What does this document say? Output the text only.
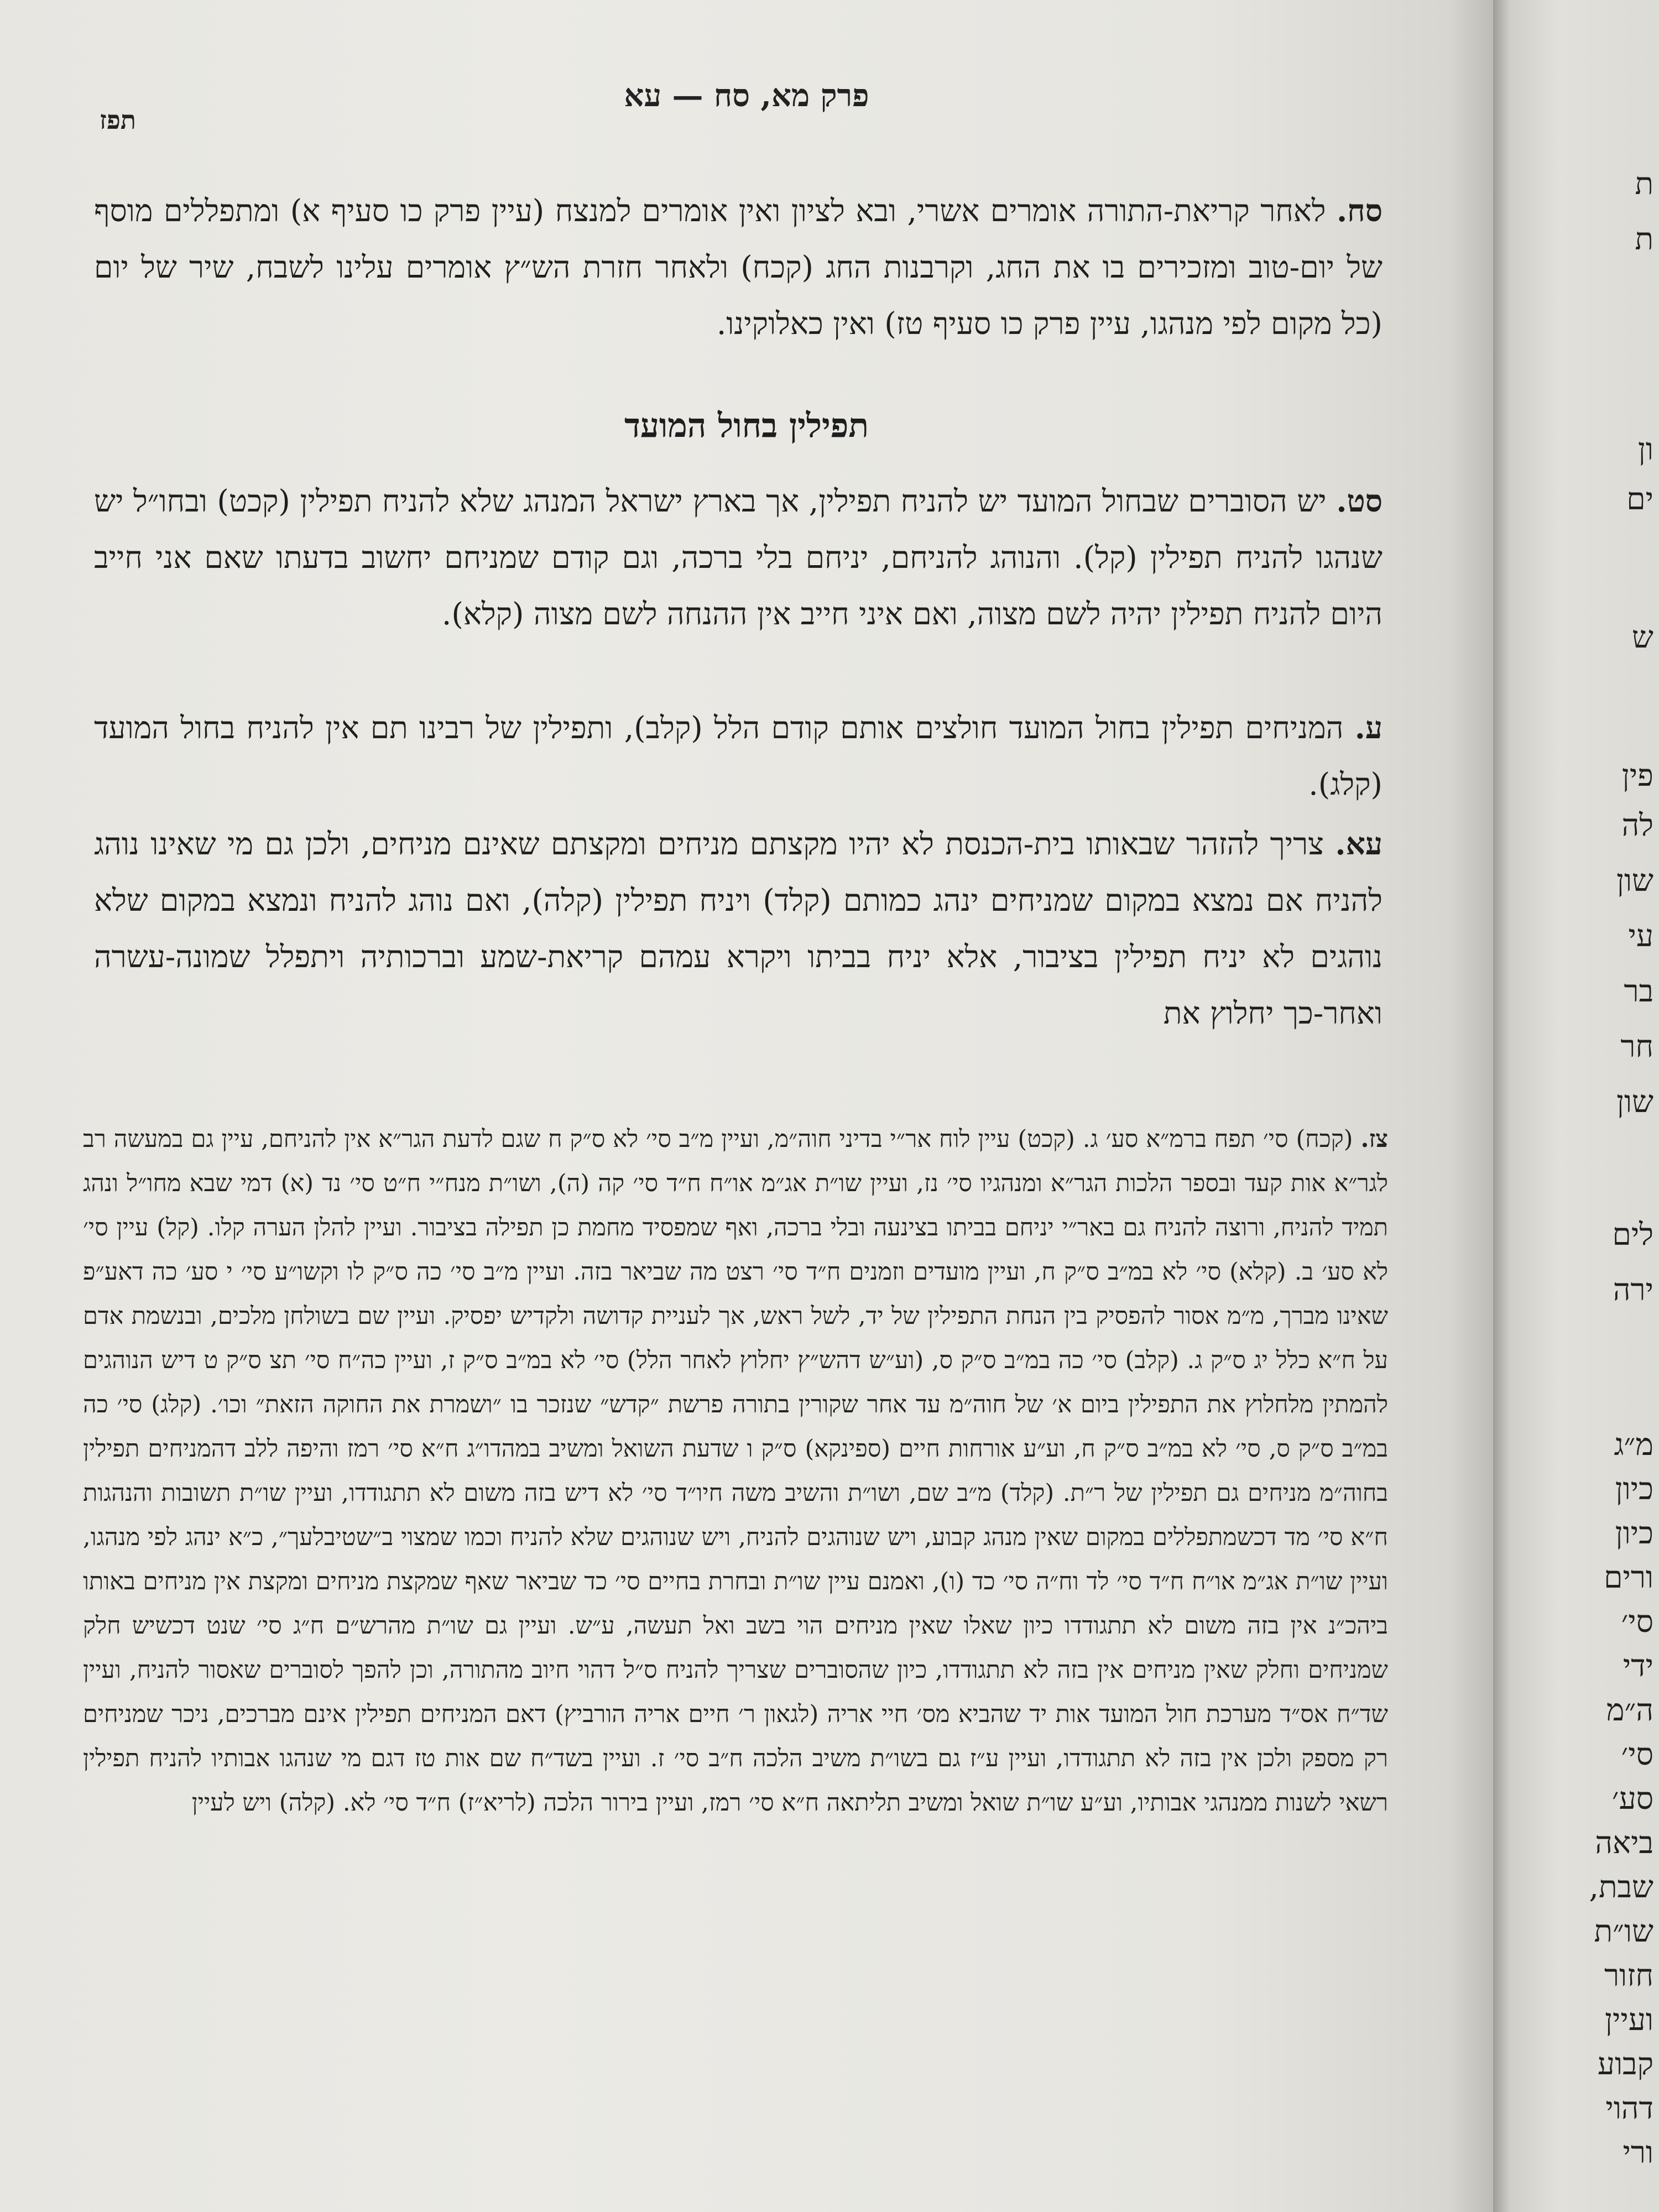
תפז
פרק מא, סח — עא
סח. לאחר קריאת-התורה אומרים אשרי, ובא לציון ואין אומרים למנצח (עיין פרק כו סעיף א) ומתפללים מוסף של יום-טוב ומזכירים בו את החג, וקרבנות החג (קכח) ולאחר חזרת הש״ץ אומרים עלינו לשבח, שיר של יום (כל מקום לפי מנהגו, עיין פרק כו סעיף טז) ואין כאלוקינו.
תפילין בחול המועד
סט. יש הסוברים שבחול המועד יש להניח תפילין, אך בארץ ישראל המנהג שלא להניח תפילין (קכט) ובחו״ל יש שנהגו להניח תפילין (קל). והנוהג להניחם, יניחם בלי ברכה, וגם קודם שמניחם יחשוב בדעתו שאם אני חייב היום להניח תפילין יהיה לשם מצוה, ואם איני חייב אין ההנחה לשם מצוה (קלא).
ע. המניחים תפילין בחול המועד חולצים אותם קודם הלל (קלב), ותפילין של רבינו תם אין להניח בחול המועד (קלג).
עא. צריך להזהר שבאותו בית-הכנסת לא יהיו מקצתם מניחים ומקצתם שאינם מניחים, ולכן גם מי שאינו נוהג להניח אם נמצא במקום שמניחים ינהג כמותם (קלד) ויניח תפילין (קלה), ואם נוהג להניח ונמצא במקום שלא נוהגים לא יניח תפילין בציבור, אלא יניח בביתו ויקרא עמהם קריאת-שמע וברכותיה ויתפלל שמונה-עשרה ואחר-כך יחלוץ את
צז. (קכח) סי׳ תפח ברמ״א סע׳ ג. (קכט) עיין לוח אר״י בדיני חוה״מ, ועיין מ״ב סי׳ לא ס״ק ח שגם לדעת הגר״א אין להניחם, עיין גם במעשה רב לגר״א אות קעד ובספר הלכות הגר״א ומנהגיו סי׳ נז, ועיין שו״ת אג״מ או״ח ח״ד סי׳ קה (ה), ושו״ת מנח״י ח״ט סי׳ נד (א) דמי שבא מחו״ל ונהג תמיד להניח, ורוצה להניח גם באר״י יניחם בביתו בצינעה ובלי ברכה, ואף שמפסיד מחמת כן תפילה בציבור. ועיין להלן הערה קלו. (קל) עיין סי׳ לא סע׳ ב. (קלא) סי׳ לא במ״ב ס״ק ח, ועיין מועדים וזמנים ח״ד סי׳ רצט מה שביאר בזה. ועיין מ״ב סי׳ כה ס״ק לו וקשו״ע סי׳ י סע׳ כה דאע״פ שאינו מברך, מ״מ אסור להפסיק בין הנחת התפילין של יד, לשל ראש, אך לעניית קדושה ולקדיש יפסיק. ועיין שם בשולחן מלכים, ובנשמת אדם על ח״א כלל יג ס״ק ג. (קלב) סי׳ כה במ״ב ס״ק ס, (וע״ש דהש״ץ יחלוץ לאחר הלל) סי׳ לא במ״ב ס״ק ז, ועיין כה״ח סי׳ תצ ס״ק ט דיש הנוהגים להמתין מלחלוץ את התפילין ביום א׳ של חוה״מ עד אחר שקורין בתורה פרשת ״קדש״ שנזכר בו ״ושמרת את החוקה הזאת״ וכו׳. (קלג) סי׳ כה במ״ב ס״ק ס, סי׳ לא במ״ב ס״ק ח, וע״ע אורחות חיים (ספינקא) ס״ק ו שדעת השואל ומשיב במהדו״ג ח״א סי׳ רמז והיפה ללב דהמניחים תפילין בחוה״מ מניחים גם תפילין של ר״ת. (קלד) מ״ב שם, ושו״ת והשיב משה חיו״ד סי׳ לא דיש בזה משום לא תתגודדו, ועיין שו״ת תשובות והנהגות ח״א סי׳ מד דכשמתפללים במקום שאין מנהג קבוע, ויש שנוהגים להניח, ויש שנוהגים שלא להניח וכמו שמצוי ב״שטיבלעך״, כ״א ינהג לפי מנהגו, ועיין שו״ת אג״מ או״ח ח״ד סי׳ לד וח״ה סי׳ כד (ו), ואמנם עיין שו״ת ובחרת בחיים סי׳ כד שביאר שאף שמקצת מניחים ומקצת אין מניחים באותו ביהכ״נ אין בזה משום לא תתגודדו כיון שאלו שאין מניחים הוי בשב ואל תעשה, ע״ש. ועיין גם שו״ת מהרש״ם ח״ג סי׳ שנט דכשיש חלק שמניחים וחלק שאין מניחים אין בזה לא תתגודדו, כיון שהסוברים שצריך להניח ס״ל דהוי חיוב מהתורה, וכן להפך לסוברים שאסור להניח, ועיין שד״ח אס״ד מערכת חול המועד אות יד שהביא מס׳ חיי אריה (לגאון ר׳ חיים אריה הורביץ) דאם המניחים תפילין אינם מברכים, ניכר שמניחים רק מספק ולכן אין בזה לא תתגודדו, ועיין ע״ז גם בשו״ת משיב הלכה ח״ב סי׳ ז. ועיין בשד״ח שם אות טז דגם מי שנהגו אבותיו להניח תפילין רשאי לשנות ממנהגי אבותיו, וע״ע שו״ת שואל ומשיב תליתאה ח״א סי׳ רמז, ועיין בירור הלכה (לריא״ז) ח״ד סי׳ לא. (קלה) ויש לעיין
ת
ת
ון
ים
ש
פין
לה
שון
עי
בר
חר
שון
לים
ירה
מ״ג
כיון
כיון
ורים
סי׳
ידי
ה״מ
סי׳
סע׳
ביאה
שבת,
שו״ת
חזור
ועיין
קבוע
דהוי
ורי
